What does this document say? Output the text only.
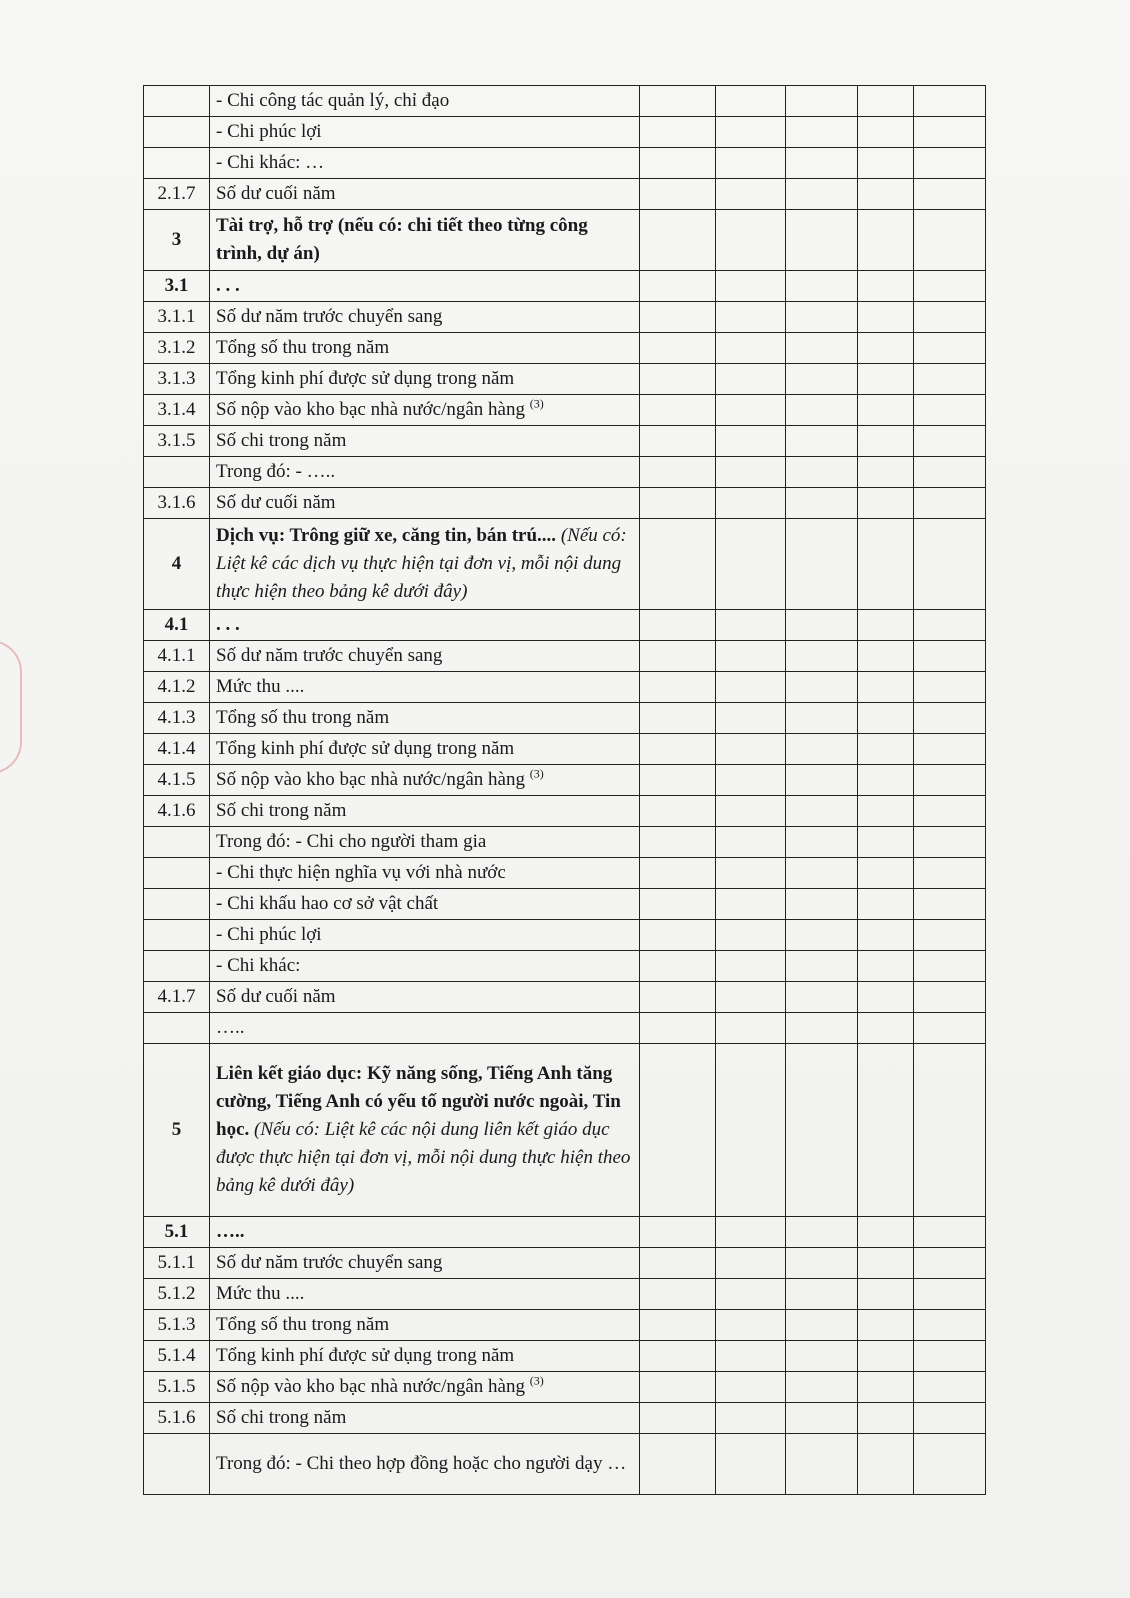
	- Chi công tác quản lý, chỉ đạo					
	- Chi phúc lợi					
	- Chi khác: …					
2.1.7	Số dư cuối năm					
3	Tài trợ, hỗ trợ (nếu có: chi tiết theo từng công trình, dự án)					
3.1	. . .					
3.1.1	Số dư năm trước chuyển sang					
3.1.2	Tổng số thu trong năm					
3.1.3	Tổng kinh phí được sử dụng trong năm					
3.1.4	Số nộp vào kho bạc nhà nước/ngân hàng $^{(3)}$					
3.1.5	Số chi trong năm					
	Trong đó: - …..					
3.1.6	Số dư cuối năm					
4	Dịch vụ: Trông giữ xe, căng tin, bán trú.... (Nếu có: Liệt kê các dịch vụ thực hiện tại đơn vị, mỗi nội dung thực hiện theo bảng kê dưới đây)					
4.1	. . .					
4.1.1	Số dư năm trước chuyển sang					
4.1.2	Mức thu ....					
4.1.3	Tổng số thu trong năm					
4.1.4	Tổng kinh phí được sử dụng trong năm					
4.1.5	Số nộp vào kho bạc nhà nước/ngân hàng $^{(3)}$					
4.1.6	Số chi trong năm					
	Trong đó: - Chi cho người tham gia					
	- Chi thực hiện nghĩa vụ với nhà nước					
	- Chi khấu hao cơ sở vật chất					
	- Chi phúc lợi					
	- Chi khác:					
4.1.7	Số dư cuối năm					
	…..					
5	Liên kết giáo dục: Kỹ năng sống, Tiếng Anh tăng cường, Tiếng Anh có yếu tố người nước ngoài, Tin học. (Nếu có: Liệt kê các nội dung liên kết giáo dục được thực hiện tại đơn vị, mỗi nội dung thực hiện theo bảng kê dưới đây)					
5.1	…..					
5.1.1	Số dư năm trước chuyển sang					
5.1.2	Mức thu ....					
5.1.3	Tổng số thu trong năm					
5.1.4	Tổng kinh phí được sử dụng trong năm					
5.1.5	Số nộp vào kho bạc nhà nước/ngân hàng $^{(3)}$					
5.1.6	Số chi trong năm					
	Trong đó: - Chi theo hợp đồng hoặc cho người dạy …					
